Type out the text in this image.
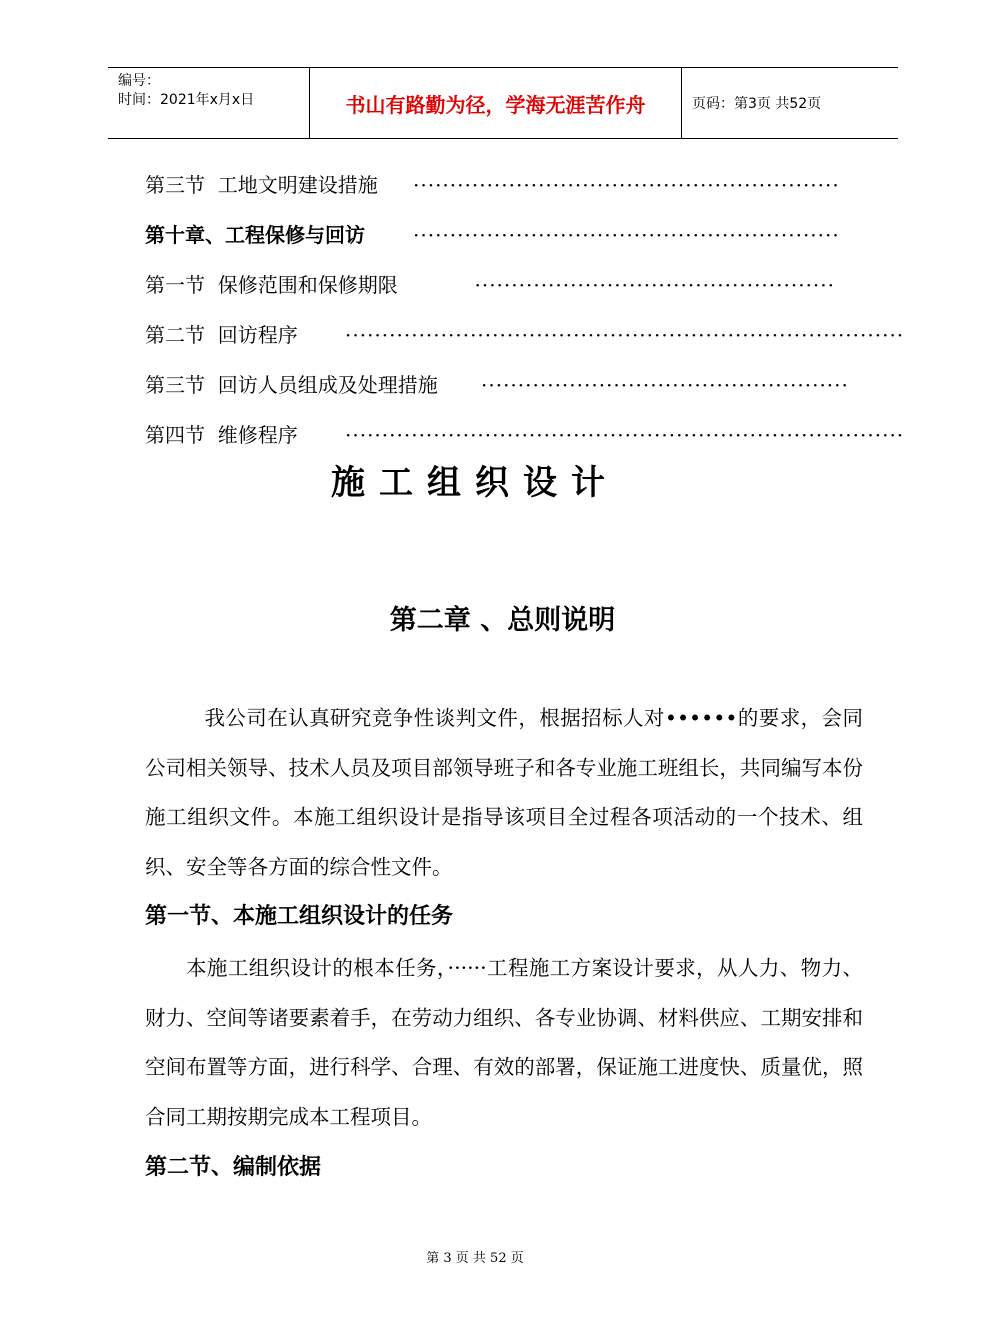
编号：
时间：2021年x月x日	书山有路勤为径，学海无涯苦作舟	页码：第3页 共52页
第三节  工地文明建设措施 ··························································
第十章、工程保修与回访 ··························································
第一节  保修范围和保修期限	·················································
第二节  回访程序 ············································································
第三节  回访人员组成及处理措施 ··················································
第四节  维修程序 ············································································
施工组织设计
第二章 、总则说明

我公司在认真研究竞争性谈判文件，根据招标人对••••••的要求，会同公司相关领导、技术人员及项目部领导班子和各专业施工班组长，共同编写本份施工组织文件。本施工组织设计是指导该项目全过程各项活动的一个技术、组织、安全等各方面的综合性文件。

第一节、本施工组织设计的任务

本施工组织设计的根本任务，······工程施工方案设计要求，从人力、物力、财力、空间等诸要素着手，在劳动力组织、各专业协调、材料供应、工期安排和空间布置等方面，进行科学、合理、有效的部署，保证施工进度快、质量优，照合同工期按期完成本工程项目。

第二节、编制依据
第 3 页 共 52 页
